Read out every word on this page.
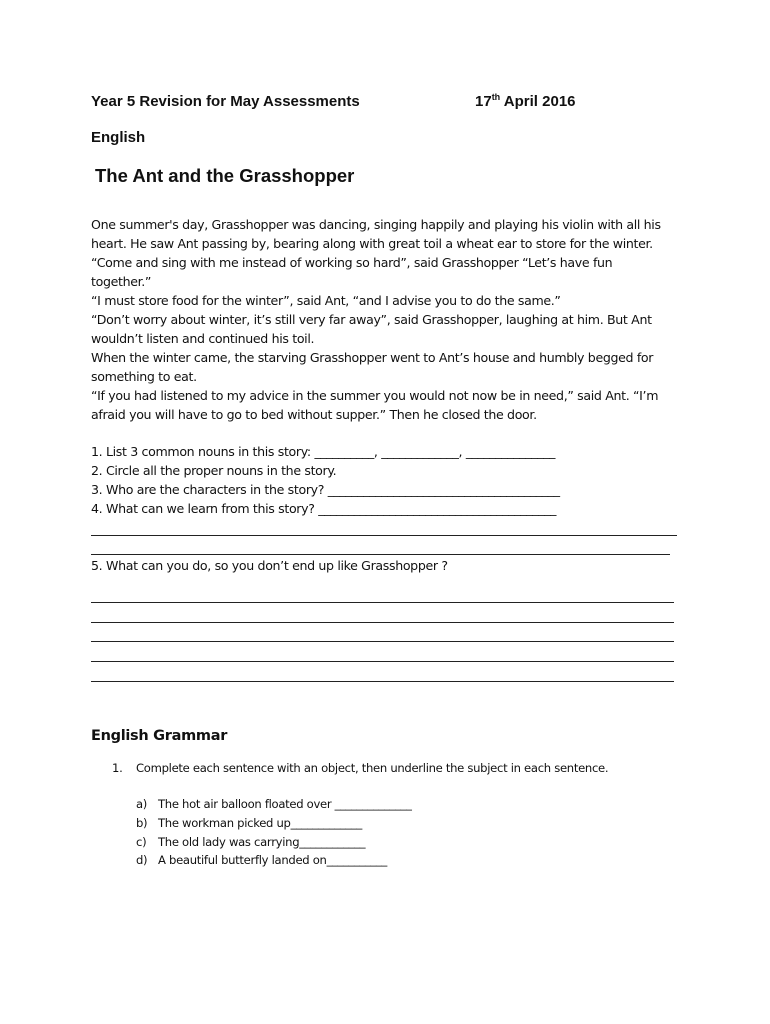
Year 5 Revision for May Assessments	17th April 2016
English
The Ant and the Grasshopper
One summer's day, Grasshopper was dancing, singing happily and playing his violin with all his
heart. He saw Ant passing by, bearing along with great toil a wheat ear to store for the winter.
“Come and sing with me instead of working so hard”, said Grasshopper “Let’s have fun
together.”
“I must store food for the winter”, said Ant, “and I advise you to do the same.”
“Don’t worry about winter, it’s still very far away”, said Grasshopper, laughing at him. But Ant
wouldn’t listen and continued his toil.
When the winter came, the starving Grasshopper went to Ant’s house and humbly begged for
something to eat.
“If you had listened to my advice in the summer you would not now be in need,” said Ant. “I’m
afraid you will have to go to bed without supper.” Then he closed the door.
1. List 3 common nouns in this story: __________, _____________, _______________
2. Circle all the proper nouns in the story.
3. Who are the characters in the story? _______________________________________
4. What can we learn from this story? ________________________________________
5. What can you do, so you don’t end up like Grasshopper ?
English Grammar
1. Complete each sentence with an object, then underline the subject in each sentence.
a) The hot air balloon floated over ______________
b) The workman picked up_____________
c) The old lady was carrying____________
d) A beautiful butterfly landed on___________
